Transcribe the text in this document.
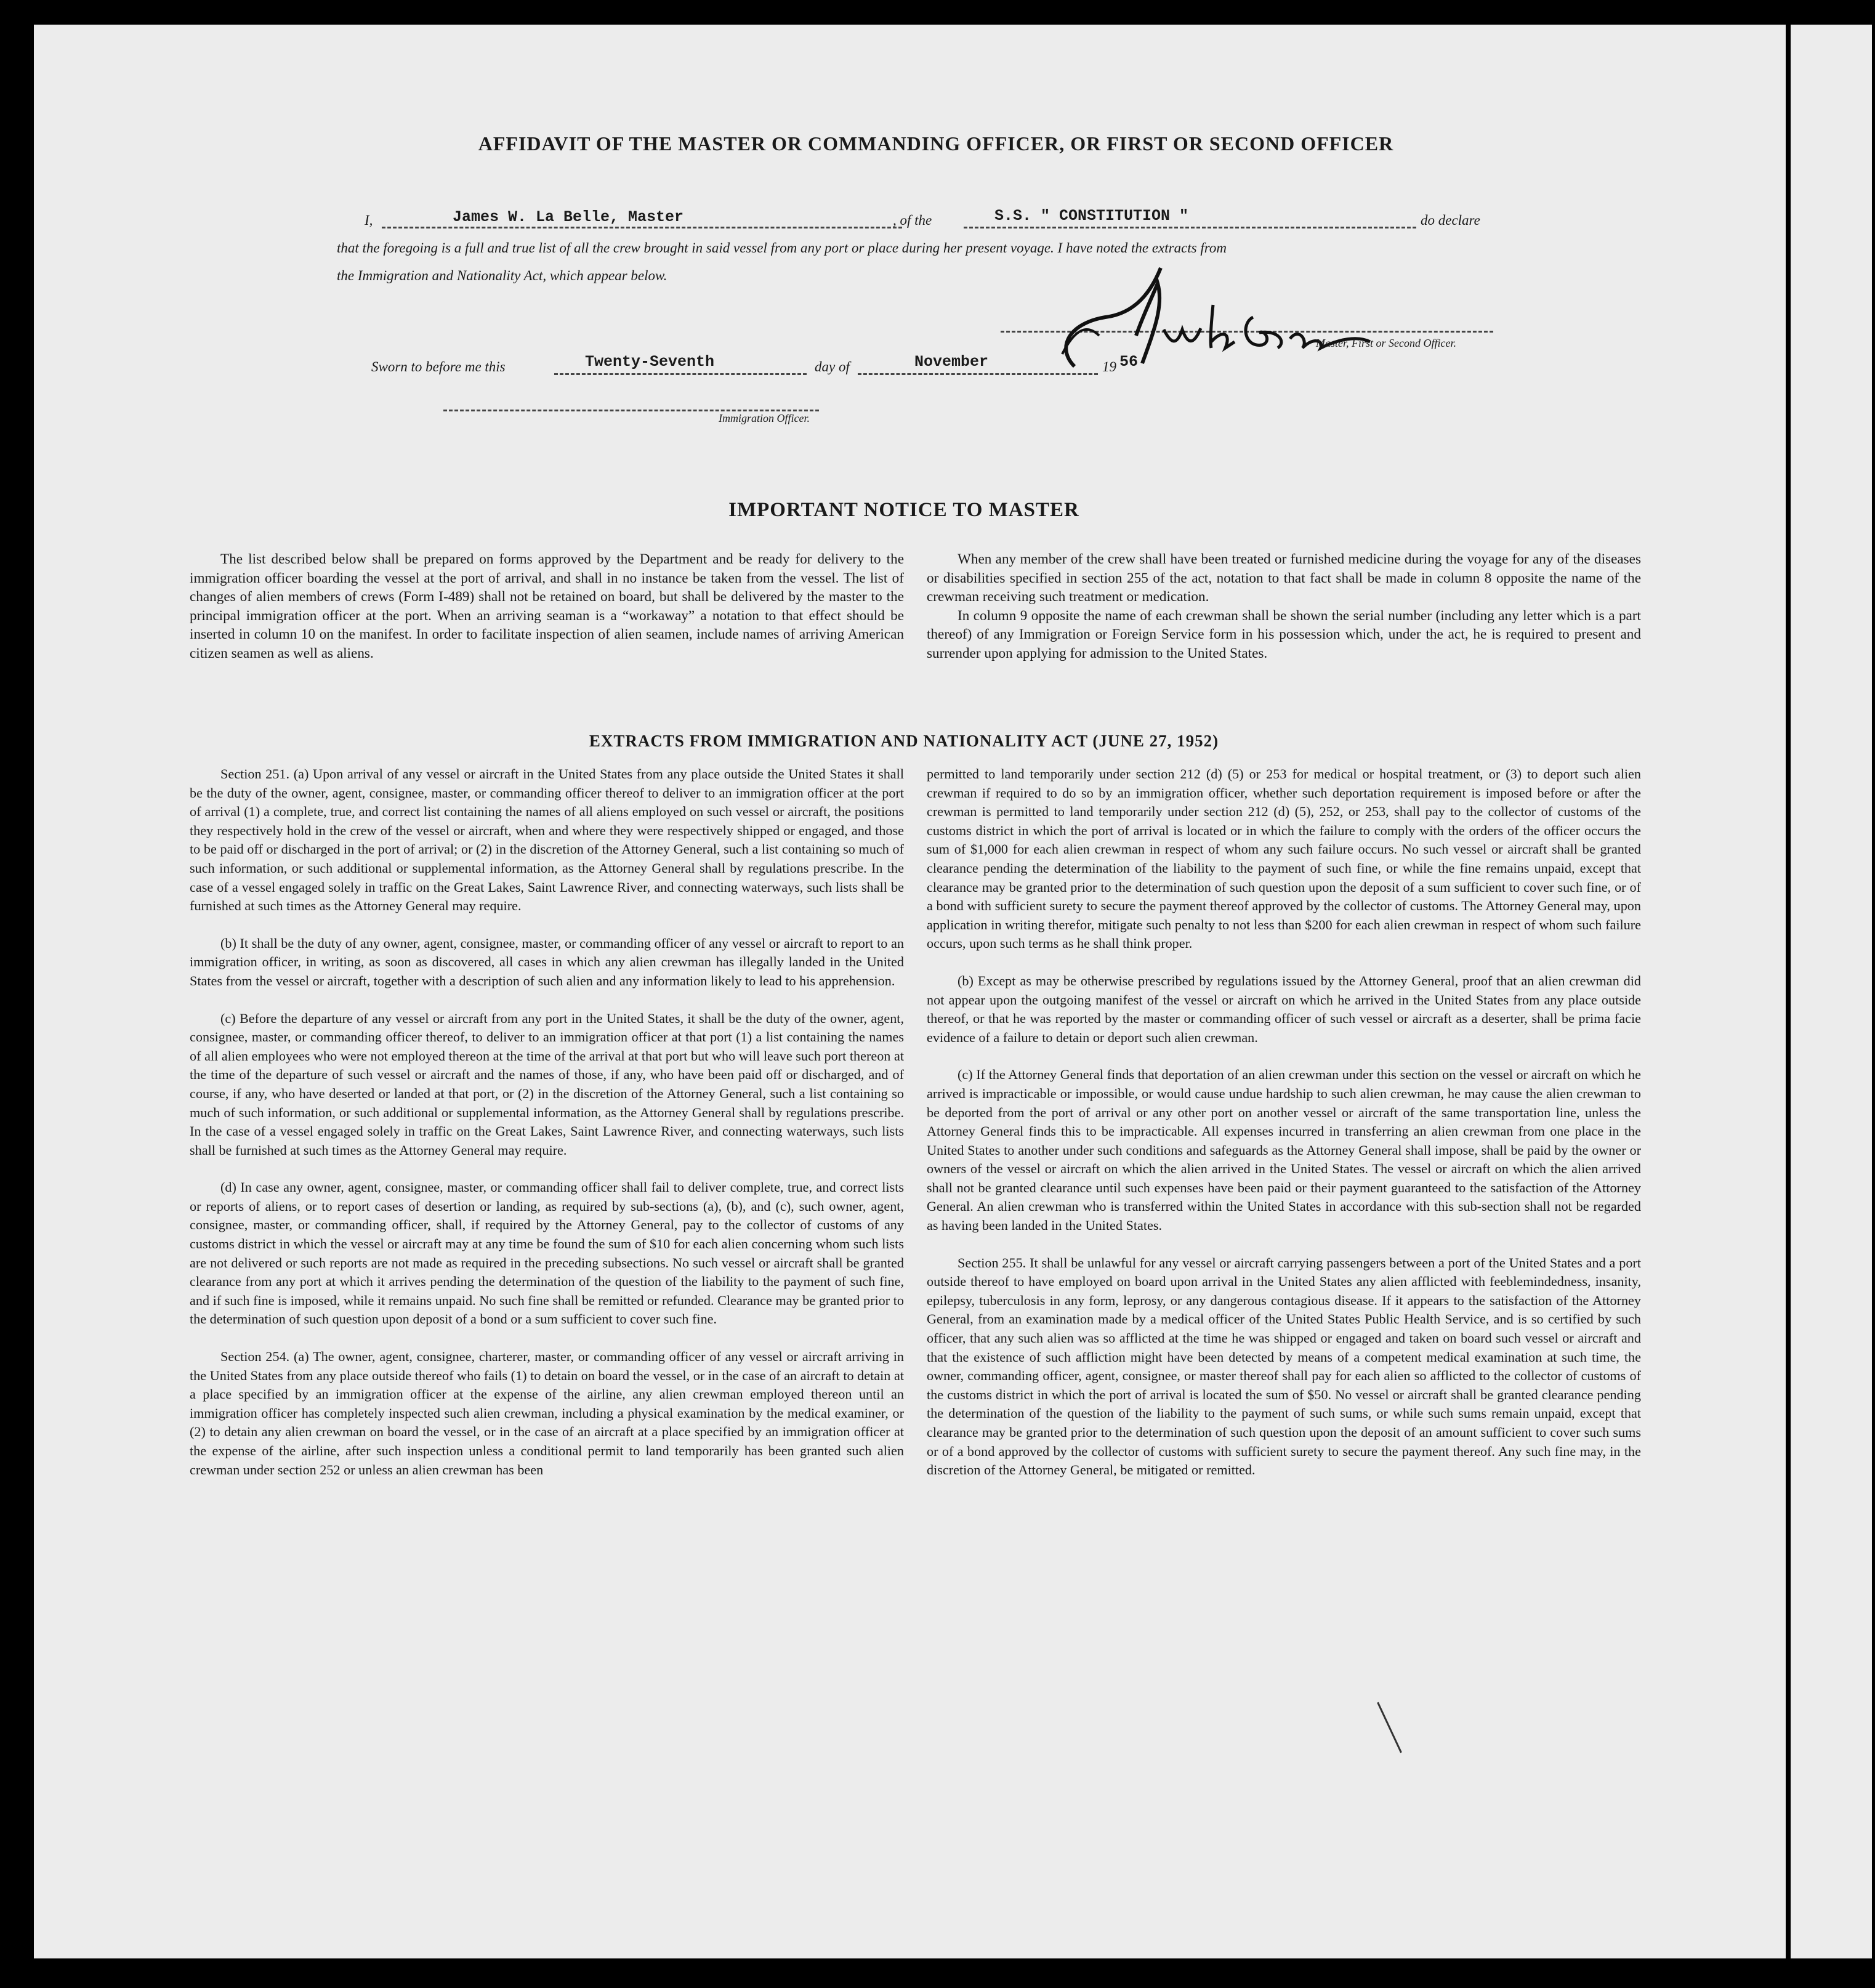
AFFIDAVIT OF THE MASTER OR COMMANDING OFFICER, OR FIRST OR SECOND OFFICER
I,	James W. La Belle, Master	, of the	S.S. " CONSTITUTION "	do declare
that the foregoing is a full and true list of all the crew brought in said vessel from any port or place during her present voyage. I have noted the extracts from
the Immigration and Nationality Act, which appear below.
Master, First or Second Officer.
Sworn to before me this	Twenty-Seventh	day of	November	19 56
Immigration Officer.
IMPORTANT NOTICE TO MASTER

The list described below shall be prepared on forms approved by the Department and be ready for delivery to the immigration officer boarding the vessel at the port of arrival, and shall in no instance be taken from the vessel. The list of changes of alien members of crews (Form I-489) shall not be retained on board, but shall be delivered by the master to the principal immigration officer at the port. When an arriving seaman is a “workaway” a notation to that effect should be inserted in column 10 on the manifest. In order to facilitate inspection of alien seamen, include names of arriving American citizen seamen as well as aliens.

When any member of the crew shall have been treated or furnished medicine during the voyage for any of the diseases or disabilities specified in section 255 of the act, notation to that fact shall be made in column 8 opposite the name of the crewman receiving such treatment or medication.

In column 9 opposite the name of each crewman shall be shown the serial number (including any letter which is a part thereof) of any Immigration or Foreign Service form in his possession which, under the act, he is required to present and surrender upon applying for admission to the United States.

EXTRACTS FROM IMMIGRATION AND NATIONALITY ACT (JUNE 27, 1952)

Section 251. (a) Upon arrival of any vessel or aircraft in the United States from any place outside the United States it shall be the duty of the owner, agent, consignee, master, or commanding officer thereof to deliver to an immigration officer at the port of arrival (1) a complete, true, and correct list containing the names of all aliens employed on such vessel or aircraft, the positions they respectively hold in the crew of the vessel or aircraft, when and where they were respectively shipped or engaged, and those to be paid off or discharged in the port of arrival; or (2) in the discretion of the Attorney General, such a list containing so much of such information, or such additional or supplemental information, as the Attorney General shall by regulations prescribe. In the case of a vessel engaged solely in traffic on the Great Lakes, Saint Lawrence River, and connecting waterways, such lists shall be furnished at such times as the Attorney General may require.

(b) It shall be the duty of any owner, agent, consignee, master, or commanding officer of any vessel or aircraft to report to an immigration officer, in writing, as soon as discovered, all cases in which any alien crewman has illegally landed in the United States from the vessel or aircraft, together with a description of such alien and any information likely to lead to his apprehension.

(c) Before the departure of any vessel or aircraft from any port in the United States, it shall be the duty of the owner, agent, consignee, master, or commanding officer thereof, to deliver to an immigration officer at that port (1) a list containing the names of all alien employees who were not employed thereon at the time of the arrival at that port but who will leave such port thereon at the time of the departure of such vessel or aircraft and the names of those, if any, who have been paid off or discharged, and of course, if any, who have deserted or landed at that port, or (2) in the discretion of the Attorney General, such a list containing so much of such information, or such additional or supplemental information, as the Attorney General shall by regulations prescribe. In the case of a vessel engaged solely in traffic on the Great Lakes, Saint Lawrence River, and connecting waterways, such lists shall be furnished at such times as the Attorney General may require.

(d) In case any owner, agent, consignee, master, or commanding officer shall fail to deliver complete, true, and correct lists or reports of aliens, or to report cases of desertion or landing, as required by sub-sections (a), (b), and (c), such owner, agent, consignee, master, or commanding officer, shall, if required by the Attorney General, pay to the collector of customs of any customs district in which the vessel or aircraft may at any time be found the sum of $10 for each alien concerning whom such lists are not delivered or such reports are not made as required in the preceding subsections. No such vessel or aircraft shall be granted clearance from any port at which it arrives pending the determination of the question of the liability to the payment of such fine, and if such fine is imposed, while it remains unpaid. No such fine shall be remitted or refunded. Clearance may be granted prior to the determination of such question upon deposit of a bond or a sum sufficient to cover such fine.

Section 254. (a) The owner, agent, consignee, charterer, master, or commanding officer of any vessel or aircraft arriving in the United States from any place outside thereof who fails (1) to detain on board the vessel, or in the case of an aircraft to detain at a place specified by an immigration officer at the expense of the airline, any alien crewman employed thereon until an immigration officer has completely inspected such alien crewman, including a physical examination by the medical examiner, or (2) to detain any alien crewman on board the vessel, or in the case of an aircraft at a place specified by an immigration officer at the expense of the airline, after such inspection unless a conditional permit to land temporarily has been granted such alien crewman under section 252 or unless an alien crewman has been

permitted to land temporarily under section 212 (d) (5) or 253 for medical or hospital treatment, or (3) to deport such alien crewman if required to do so by an immigration officer, whether such deportation requirement is imposed before or after the crewman is permitted to land temporarily under section 212 (d) (5), 252, or 253, shall pay to the collector of customs of the customs district in which the port of arrival is located or in which the failure to comply with the orders of the officer occurs the sum of $1,000 for each alien crewman in respect of whom any such failure occurs. No such vessel or aircraft shall be granted clearance pending the determination of the liability to the payment of such fine, or while the fine remains unpaid, except that clearance may be granted prior to the determination of such question upon the deposit of a sum sufficient to cover such fine, or of a bond with sufficient surety to secure the payment thereof approved by the collector of customs. The Attorney General may, upon application in writing therefor, mitigate such penalty to not less than $200 for each alien crewman in respect of whom such failure occurs, upon such terms as he shall think proper.

(b) Except as may be otherwise prescribed by regulations issued by the Attorney General, proof that an alien crewman did not appear upon the outgoing manifest of the vessel or aircraft on which he arrived in the United States from any place outside thereof, or that he was reported by the master or commanding officer of such vessel or aircraft as a deserter, shall be prima facie evidence of a failure to detain or deport such alien crewman.

(c) If the Attorney General finds that deportation of an alien crewman under this section on the vessel or aircraft on which he arrived is impracticable or impossible, or would cause undue hardship to such alien crewman, he may cause the alien crewman to be deported from the port of arrival or any other port on another vessel or aircraft of the same transportation line, unless the Attorney General finds this to be impracticable. All expenses incurred in transferring an alien crewman from one place in the United States to another under such conditions and safeguards as the Attorney General shall impose, shall be paid by the owner or owners of the vessel or aircraft on which the alien arrived in the United States. The vessel or aircraft on which the alien arrived shall not be granted clearance until such expenses have been paid or their payment guaranteed to the satisfaction of the Attorney General. An alien crewman who is transferred within the United States in accordance with this sub-section shall not be regarded as having been landed in the United States.

Section 255. It shall be unlawful for any vessel or aircraft carrying passengers between a port of the United States and a port outside thereof to have employed on board upon arrival in the United States any alien afflicted with feeblemindedness, insanity, epilepsy, tuberculosis in any form, leprosy, or any dangerous contagious disease. If it appears to the satisfaction of the Attorney General, from an examination made by a medical officer of the United States Public Health Service, and is so certified by such officer, that any such alien was so afflicted at the time he was shipped or engaged and taken on board such vessel or aircraft and that the existence of such affliction might have been detected by means of a competent medical examination at such time, the owner, commanding officer, agent, consignee, or master thereof shall pay for each alien so afflicted to the collector of customs of the customs district in which the port of arrival is located the sum of $50. No vessel or aircraft shall be granted clearance pending the determination of the question of the liability to the payment of such sums, or while such sums remain unpaid, except that clearance may be granted prior to the determination of such question upon the deposit of an amount sufficient to cover such sums or of a bond approved by the collector of customs with sufficient surety to secure the payment thereof. Any such fine may, in the discretion of the Attorney General, be mitigated or remitted.
